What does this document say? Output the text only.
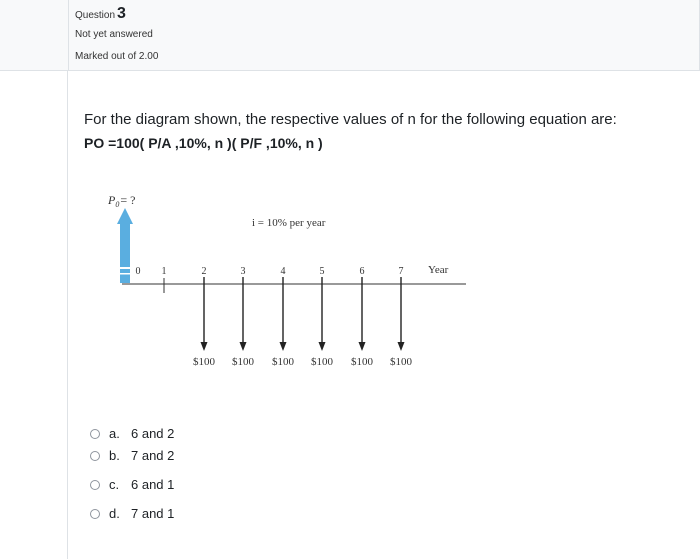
Question 3
Not yet answered
Marked out of 2.00
For the diagram shown, the respective values of n for the following equation are:
PO =100( P/A ,10%, n )( P/F ,10%, n )
$P_0=$ ?
i = 10% per year
Year
0 1	2	3	4	5	6	7
$100 $100 $100 $100 $100 $100
a. 6 and 2
b. 7 and 2
c. 6 and 1
d. 7 and 1
